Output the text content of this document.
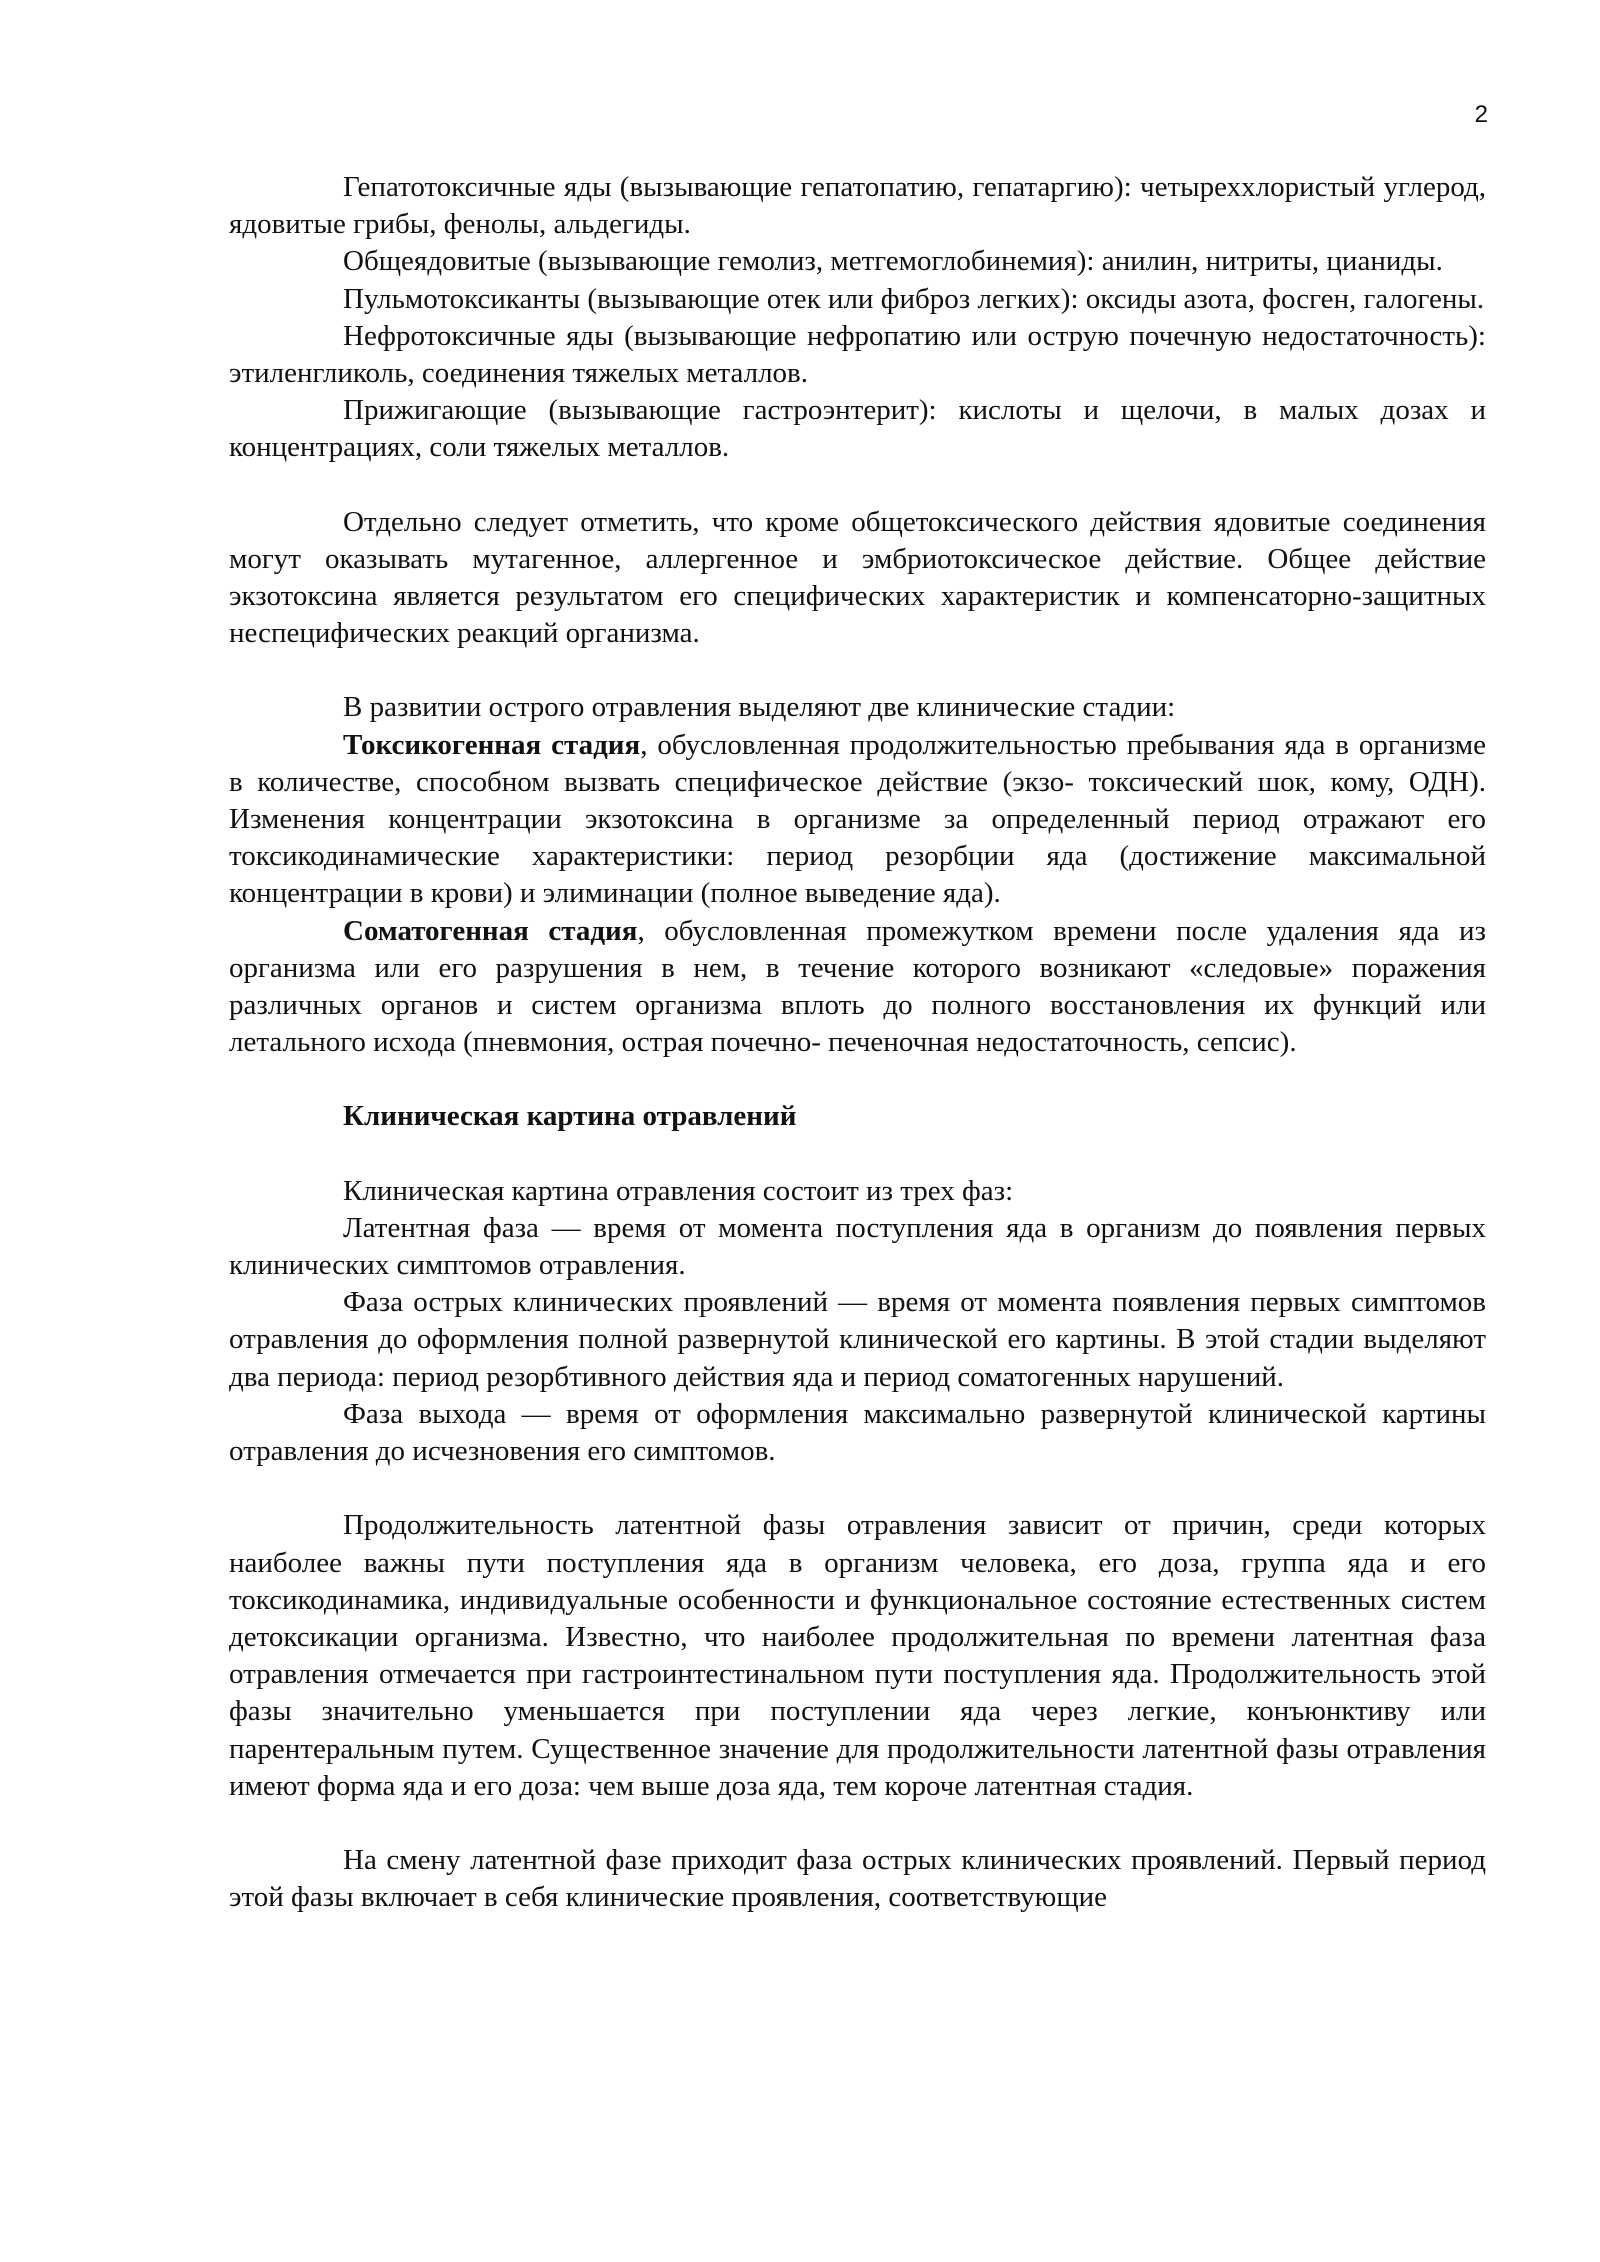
2

Гепатотоксичные яды (вызывающие гепатопатию, гепатаргию): четырехxлористый углерод, ядовитые грибы, фенолы, альдегиды.

Общеядовитые (вызывающие гемолиз, метгемоглобинемия): анилин, нитриты, цианиды.

Пульмотоксиканты (вызывающие отек или фиброз легких): оксиды азота, фосген, галогены.

Нефротоксичные яды (вызывающие нефропатию или острую почечную недостаточность): этиленгликоль, соединения тяжелых металлов.

Прижигающие (вызывающие гастроэнтерит): кислоты и щелочи, в малых дозах и концентрациях, соли тяжелых металлов.

Отдельно следует отметить, что кроме общетоксического действия ядовитые соединения могут оказывать мутагенное, аллергенное и эмбриотоксическое действие. Общее действие экзотоксина является результатом его специфических характеристик и компенсаторно-защитных неспецифических реакций организма.

В развитии острого отравления выделяют две клинические стадии:

Токсикогенная стадия, обусловленная продолжительностью пребывания яда в организме в количестве, способном вызвать специфическое действие (экзо- токсический шок, кому, ОДН). Изменения концентрации экзотоксина в организме за определенный период отражают его токсикодинамические характеристики: период резорбции яда (достижение максимальной концентрации в крови) и элиминации (полное выведение яда).

Соматогенная стадия, обусловленная промежутком времени после удаления яда из организма или его разрушения в нем, в течение которого возникают «следовые» поражения различных органов и систем организма вплоть до полного восстановления их функций или летального исхода (пневмония, острая почечно- печеночная недостаточность, сепсис).

Клиническая картина отравлений

Клиническая картина отравления состоит из трех фаз:

Латентная фаза — время от момента поступления яда в организм до появления первых клинических симптомов отравления.

Фаза острых клинических проявлений — время от момента появления первых симптомов отравления до оформления полной развернутой клинической его картины. В этой стадии выделяют два периода: период резорбтивного действия яда и период соматогенных нарушений.

Фаза выхода — время от оформления максимально развернутой клинической картины отравления до исчезновения его симптомов.

Продолжительность латентной фазы отравления зависит от причин, среди которых наиболее важны пути поступления яда в организм человека, его доза, группа яда и его токсикодинамика, индивидуальные особенности и функциональное состояние естественных систем детоксикации организма. Известно, что наиболее продолжительная по времени латентная фаза отравления отмечается при гастроинтестинальном пути поступления яда. Продолжительность этой фазы значительно уменьшается при поступлении яда через легкие, конъюнктиву или парентеральным путем. Существенное значение для продолжительности латентной фазы отравления имеют форма яда и его доза: чем выше доза яда, тем короче латентная стадия.

На смену латентной фазе приходит фаза острых клинических проявлений. Первый период этой фазы включает в себя клинические проявления, соответствующие
